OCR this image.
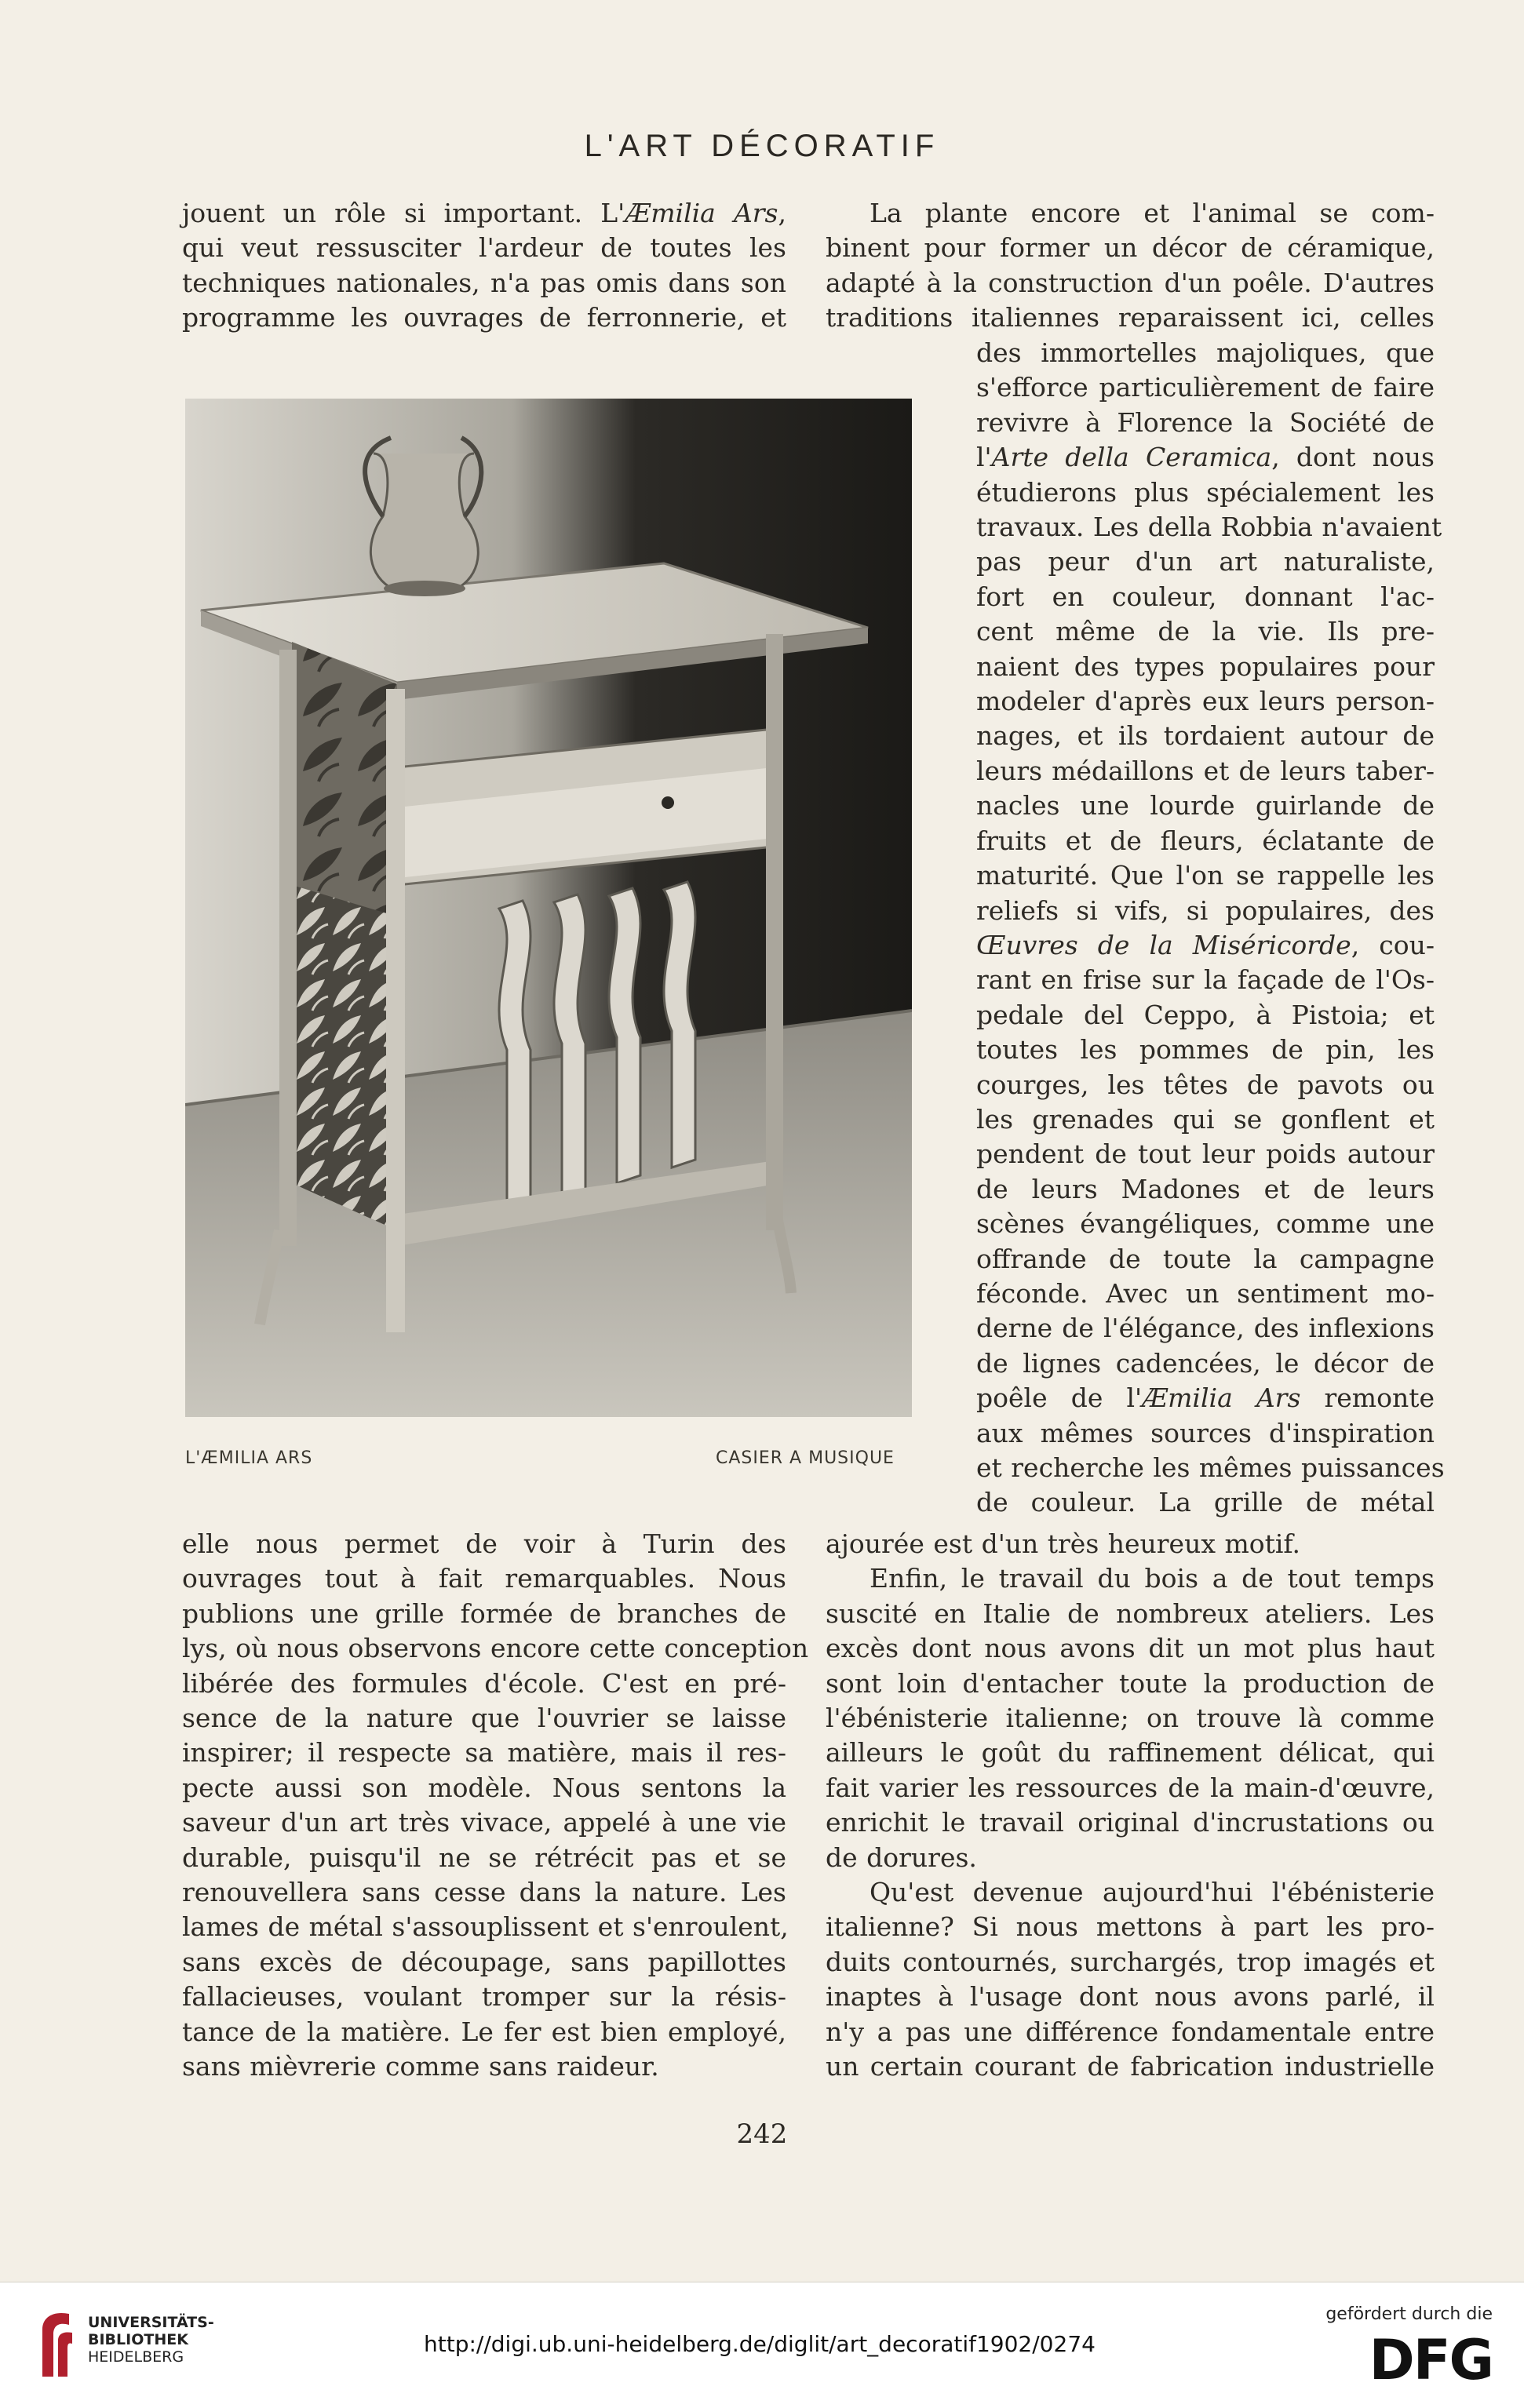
L'ART DÉCORATIF

jouent un rôle si important. L'Æmilia Ars,

qui veut ressusciter l'ardeur de toutes les

techniques nationales, n'a pas omis dans son

programme les ouvrages de ferronnerie, et

La plante encore et l'animal se com-

binent pour former un décor de céramique,

adapté à la construction d'un poêle. D'autres

traditions italiennes reparaissent ici, celles

des immortelles majoliques, que

s'efforce particulièrement de faire

revivre à Florence la Société de

l'Arte della Ceramica, dont nous

étudierons plus spécialement les

travaux. Les della Robbia n'avaient

pas peur d'un art naturaliste,

fort en couleur, donnant l'ac-

cent même de la vie. Ils pre-

naient des types populaires pour

modeler d'après eux leurs person-

nages, et ils tordaient autour de

leurs médaillons et de leurs taber-

nacles une lourde guirlande de

fruits et de fleurs, éclatante de

maturité. Que l'on se rappelle les

reliefs si vifs, si populaires, des

Œuvres de la Miséricorde, cou-

rant en frise sur la façade de l'Os-

pedale del Ceppo, à Pistoia; et

toutes les pommes de pin, les

courges, les têtes de pavots ou

les grenades qui se gonflent et

pendent de tout leur poids autour

de leurs Madones et de leurs

scènes évangéliques, comme une

offrande de toute la campagne

féconde. Avec un sentiment mo-

derne de l'élégance, des inflexions

de lignes cadencées, le décor de

poêle de l'Æmilia Ars remonte

aux mêmes sources d'inspiration

et recherche les mêmes puissances

de couleur. La grille de métal

L'ÆMILIA ARS	CASIER A MUSIQUE

elle nous permet de voir à Turin des

ouvrages tout à fait remarquables. Nous

publions une grille formée de branches de

lys, où nous observons encore cette conception

libérée des formules d'école. C'est en pré-

sence de la nature que l'ouvrier se laisse

inspirer; il respecte sa matière, mais il res-

pecte aussi son modèle. Nous sentons la

saveur d'un art très vivace, appelé à une vie

durable, puisqu'il ne se rétrécit pas et se

renouvellera sans cesse dans la nature. Les

lames de métal s'assouplissent et s'enroulent,

sans excès de découpage, sans papillottes

fallacieuses, voulant tromper sur la résis-

tance de la matière. Le fer est bien employé,

sans mièvrerie comme sans raideur.

ajourée est d'un très heureux motif.

Enfin, le travail du bois a de tout temps

suscité en Italie de nombreux ateliers. Les

excès dont nous avons dit un mot plus haut

sont loin d'entacher toute la production de

l'ébénisterie italienne; on trouve là comme

ailleurs le goût du raffinement délicat, qui

fait varier les ressources de la main-d'œuvre,

enrichit le travail original d'incrustations ou

de dorures.

Qu'est devenue aujourd'hui l'ébénisterie

italienne? Si nous mettons à part les pro-

duits contournés, surchargés, trop imagés et

inaptes à l'usage dont nous avons parlé, il

n'y a pas une différence fondamentale entre

un certain courant de fabrication industrielle

242
UNIVERSITÄTS-
BIBLIOTHEK
HEIDELBERG	http://digi.ub.uni-heidelberg.de/diglit/art_decoratif1902/0274
gefördert durch die
DFG
